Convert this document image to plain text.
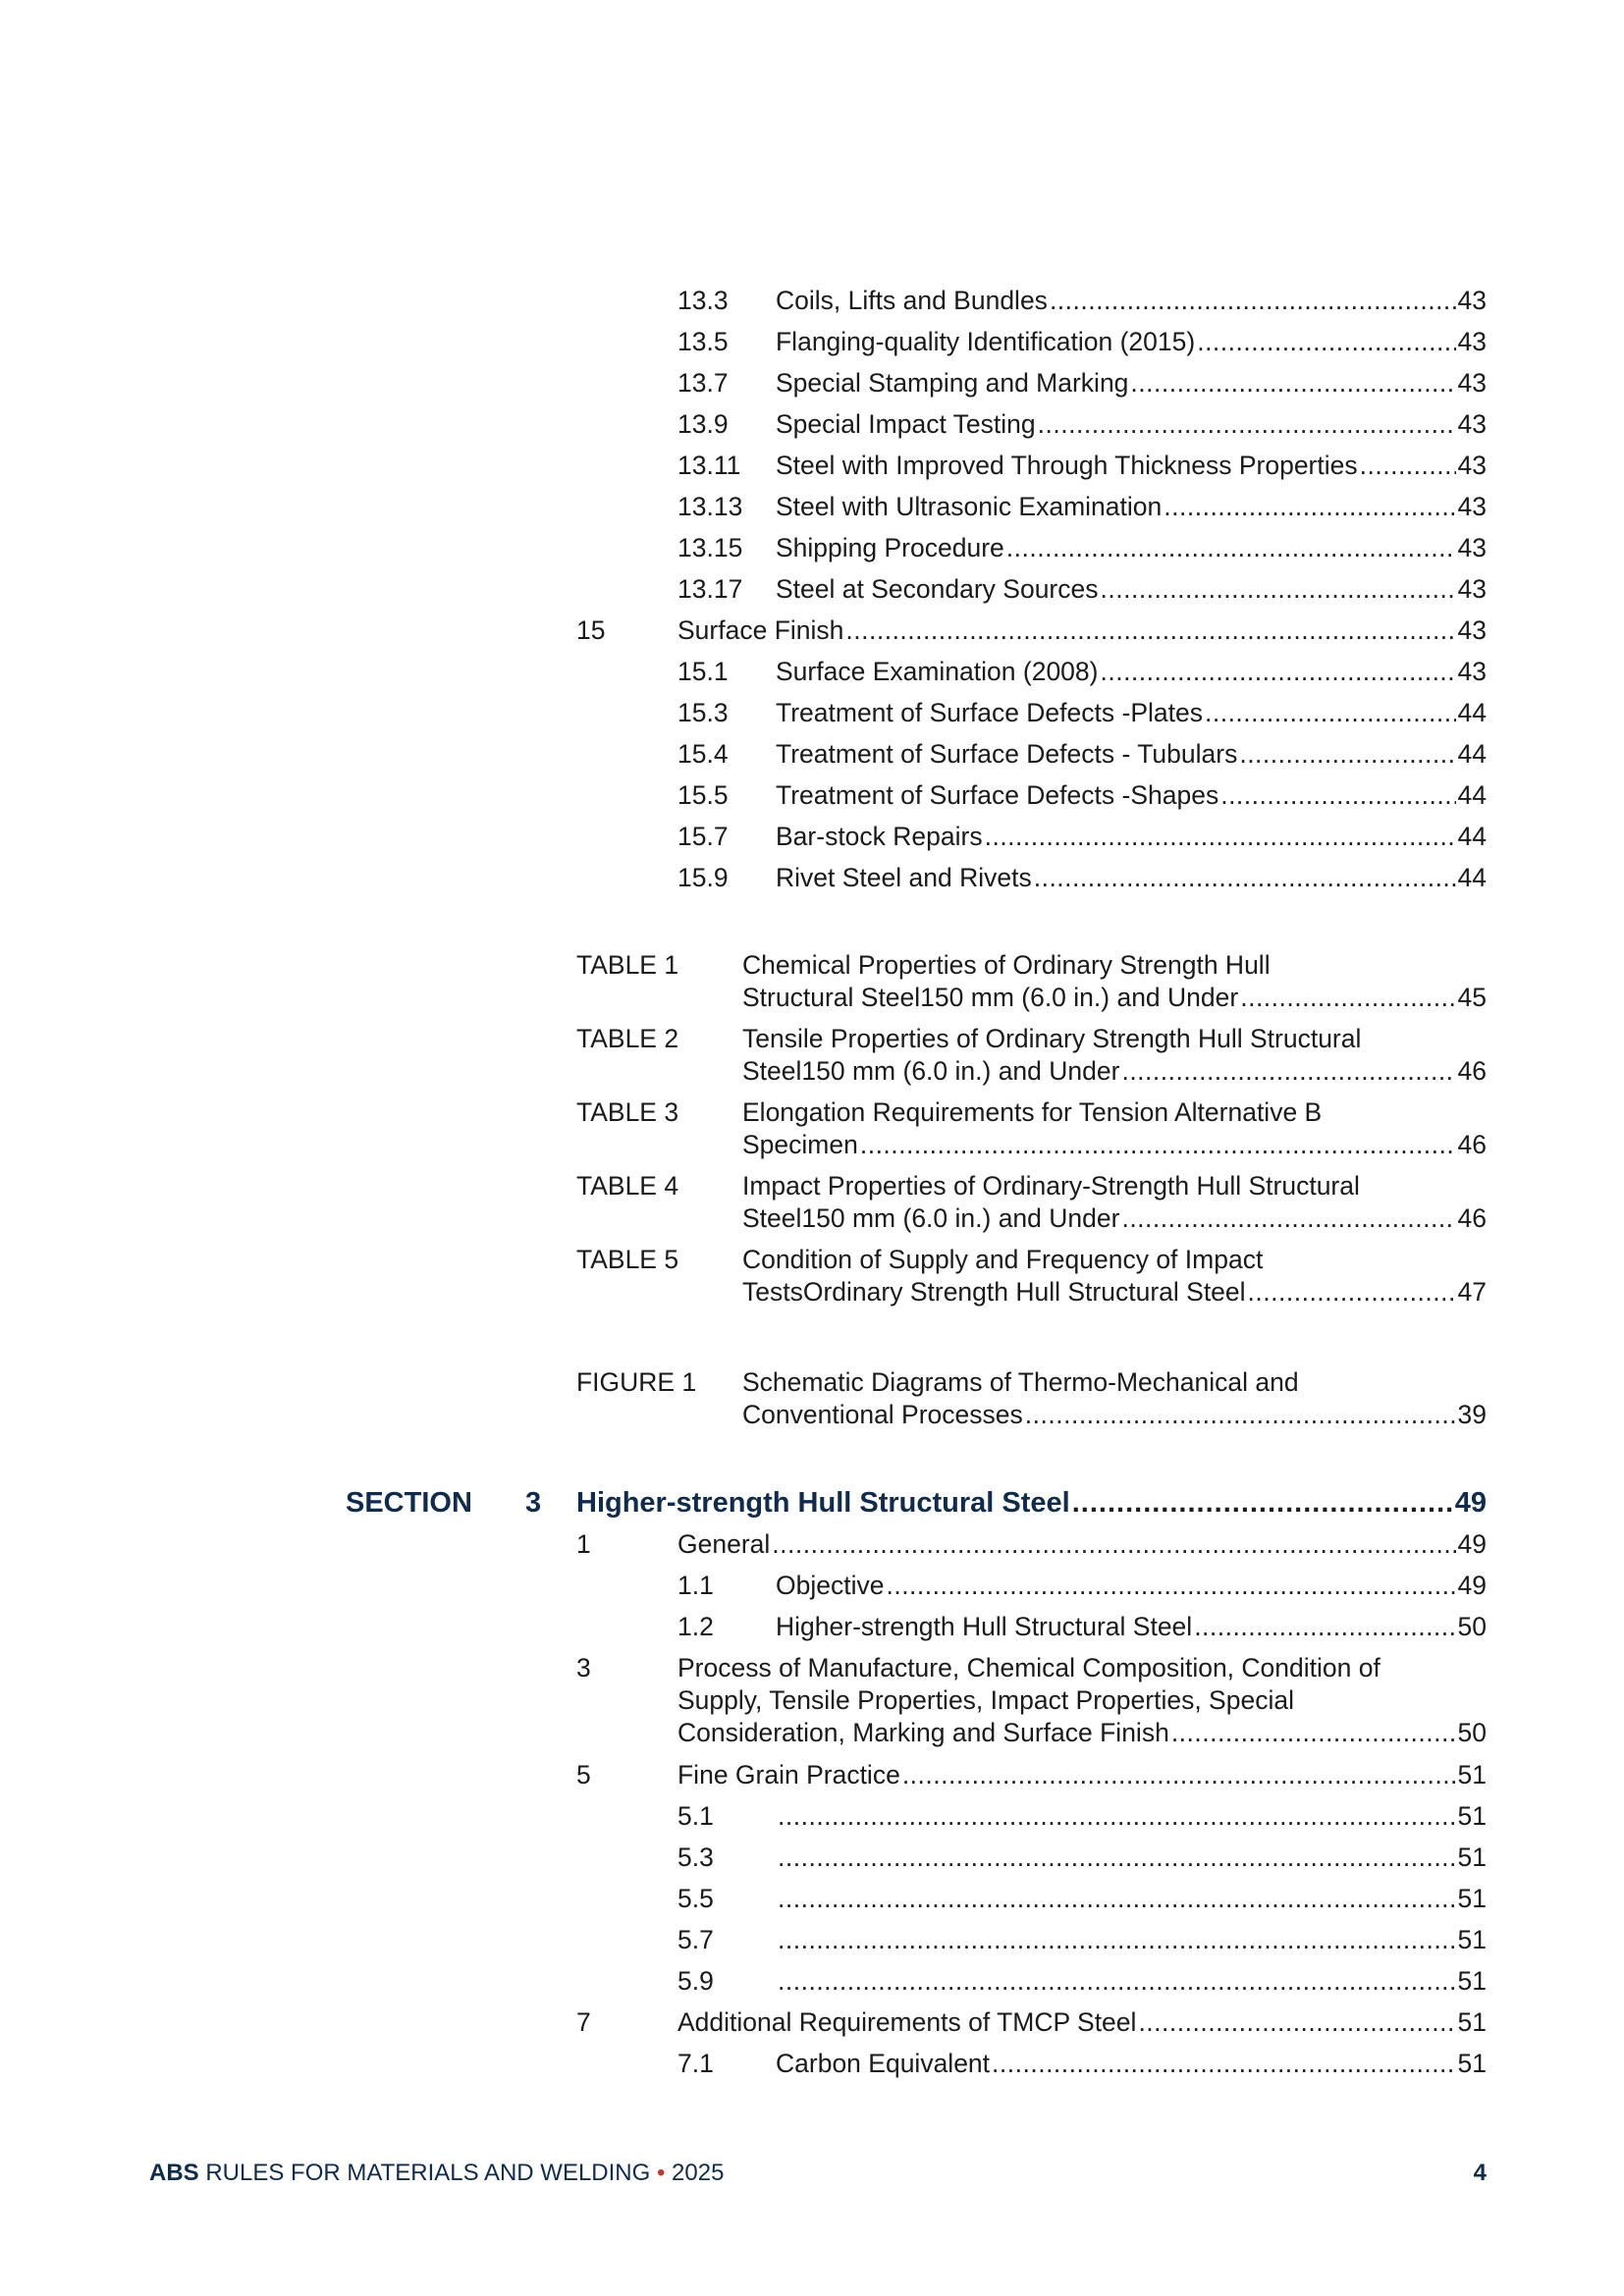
13.3 Coils, Lifts and Bundles .....	43
13.5 Flanging-quality Identification (2015) .....	43
13.7 Special Stamping and Marking .....	43
13.9 Special Impact Testing .....	43
13.11 Steel with Improved Through Thickness Properties .....	43
13.13 Steel with Ultrasonic Examination .....	43
13.15 Shipping Procedure .....	43
13.17 Steel at Secondary Sources .....	43
15	Surface Finish .....	43
15.1 Surface Examination (2008) .....	43
15.3 Treatment of Surface Defects -Plates .....	44
15.4 Treatment of Surface Defects - Tubulars .....	44
15.5 Treatment of Surface Defects -Shapes .....	44
15.7 Bar-stock Repairs .....	44
15.9 Rivet Steel and Rivets .....	44
TABLE 1 Chemical Properties of Ordinary Strength Hull
Structural Steel150 mm (6.0 in.) and Under .....	45
TABLE 2 Tensile Properties of Ordinary Strength Hull Structural
Steel150 mm (6.0 in.) and Under .....	46
TABLE 3 Elongation Requirements for Tension Alternative B
Specimen .....	46
TABLE 4 Impact Properties of Ordinary-Strength Hull Structural
Steel150 mm (6.0 in.) and Under .....	46
TABLE 5 Condition of Supply and Frequency of Impact
TestsOrdinary Strength Hull Structural Steel .....	47
FIGURE 1 Schematic Diagrams of Thermo-Mechanical and
Conventional Processes .....	39
SECTION 3 Higher-strength Hull Structural Steel .....	49
1	General .....	49
1.1 Objective .....	49
1.2 Higher-strength Hull Structural Steel .....	50
3	Process of Manufacture, Chemical Composition, Condition of
Supply, Tensile Properties, Impact Properties, Special
Consideration, Marking and Surface Finish .....	50
5	Fine Grain Practice .....	51
5.1 .....	51
5.3 .....	51
5.5 .....	51
5.7 .....	51
5.9 .....	51
7	Additional Requirements of TMCP Steel .....	51
7.1 Carbon Equivalent .....	51
ABS RULES FOR MATERIALS AND WELDING • 2025	4
